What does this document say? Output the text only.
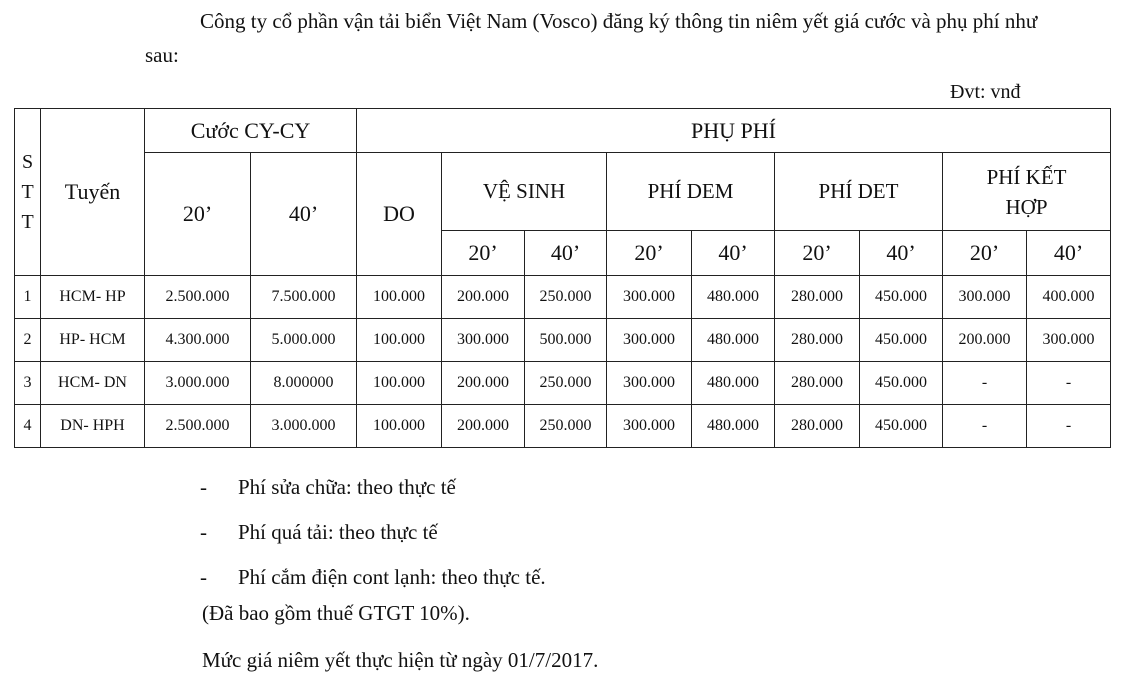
Công ty cổ phần vận tải biển Việt Nam (Vosco) đăng ký thông tin niêm yết giá cước và phụ phí như sau:
Đvt: vnđ
S T T	Tuyến	Cước CY-CY		PHỤ PHÍ								
		20’	40’	DO	VỆ SINH		PHÍ DEM		PHÍ DET		PHÍ KẾT HỢP	
					20’	40’	20’	40’	20’	40’	20’	40’
1	HCM- HP	2.500.000	7.500.000	100.000	200.000	250.000	300.000	480.000	280.000	450.000	300.000	400.000
2	HP- HCM	4.300.000	5.000.000	100.000	300.000	500.000	300.000	480.000	280.000	450.000	200.000	300.000
3	HCM- DN	3.000.000	8.000000	100.000	200.000	250.000	300.000	480.000	280.000	450.000	-	-
4	DN- HPH	2.500.000	3.000.000	100.000	200.000	250.000	300.000	480.000	280.000	450.000	-	-
- Phí sửa chữa: theo thực tế
- Phí quá tải: theo thực tế
- Phí cắm điện cont lạnh: theo thực tế.
(Đã bao gồm thuế GTGT 10%).
Mức giá niêm yết thực hiện từ ngày 01/7/2017.
